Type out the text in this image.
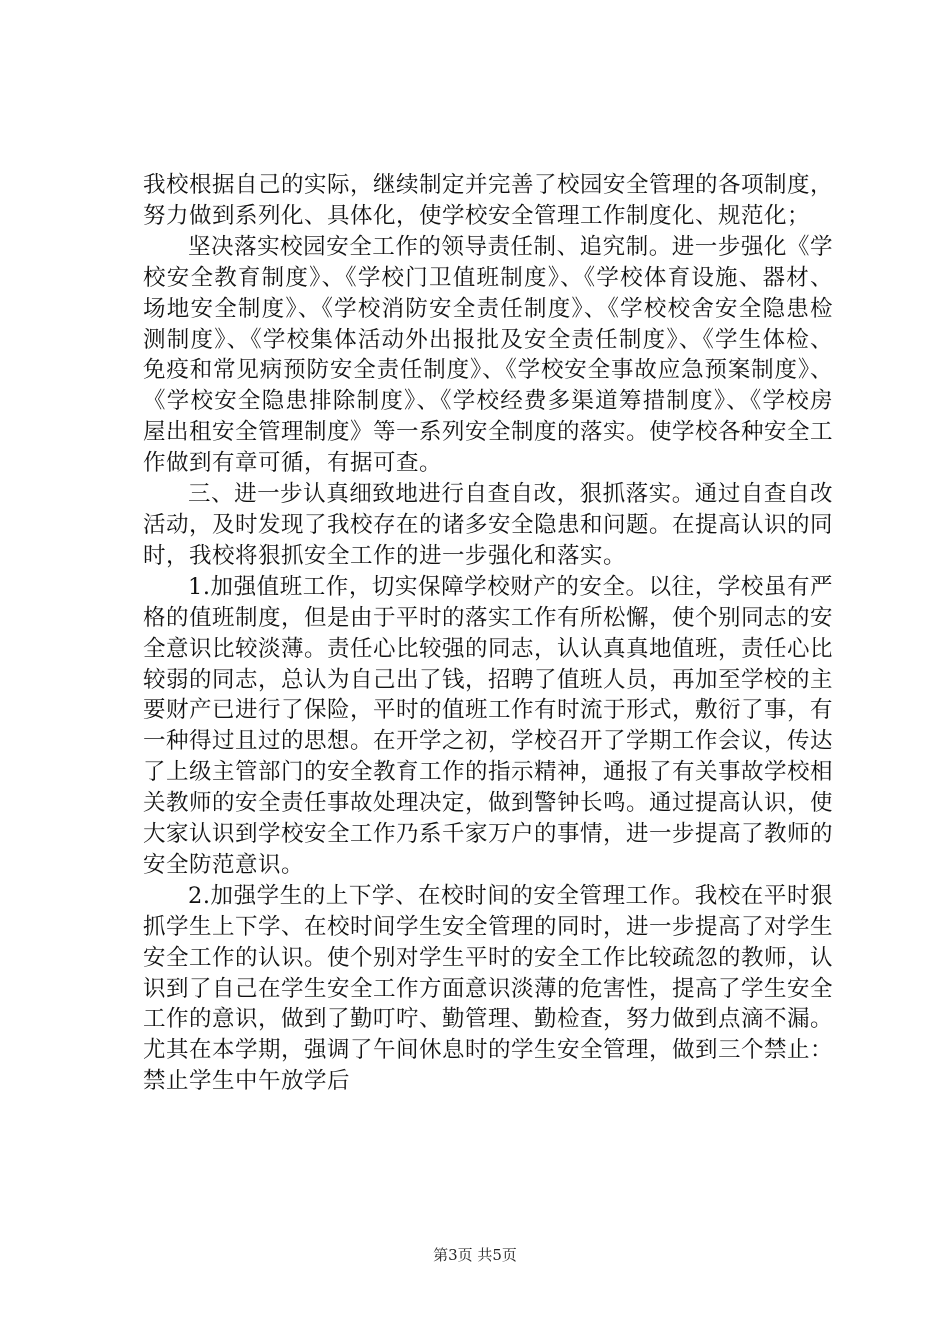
我校根据自己的实际，继续制定并完善了校园安全管理的各项制度，努力做到系列化、具体化，使学校安全管理工作制度化、规范化；

坚决落实校园安全工作的领导责任制、追究制。进一步强化《学校安全教育制度》、《学校门卫值班制度》、《学校体育设施、器材、场地安全制度》、《学校消防安全责任制度》、《学校校舍安全隐患检测制度》、《学校集体活动外出报批及安全责任制度》、《学生体检、免疫和常见病预防安全责任制度》、《学校安全事故应急预案制度》、《学校安全隐患排除制度》、《学校经费多渠道筹措制度》、《学校房屋出租安全管理制度》等一系列安全制度的落实。使学校各种安全工作做到有章可循，有据可查。

三、进一步认真细致地进行自查自改，狠抓落实。通过自查自改活动，及时发现了我校存在的诸多安全隐患和问题。在提高认识的同时，我校将狠抓安全工作的进一步强化和落实。

1.加强值班工作，切实保障学校财产的安全。以往，学校虽有严格的值班制度，但是由于平时的落实工作有所松懈，使个别同志的安全意识比较淡薄。责任心比较强的同志，认认真真地值班，责任心比较弱的同志，总认为自己出了钱，招聘了值班人员，再加至学校的主要财产已进行了保险，平时的值班工作有时流于形式，敷衍了事，有一种得过且过的思想。在开学之初，学校召开了学期工作会议，传达了上级主管部门的安全教育工作的指示精神，通报了有关事故学校相关教师的安全责任事故处理决定，做到警钟长鸣。通过提高认识，使大家认识到学校安全工作乃系千家万户的事情，进一步提高了教师的安全防范意识。

2.加强学生的上下学、在校时间的安全管理工作。我校在平时狠抓学生上下学、在校时间学生安全管理的同时，进一步提高了对学生安全工作的认识。使个别对学生平时的安全工作比较疏忽的教师，认识到了自己在学生安全工作方面意识淡薄的危害性，提高了学生安全工作的意识，做到了勤叮咛、勤管理、勤检查，努力做到点滴不漏。尤其在本学期，强调了午间休息时的学生安全管理，做到三个禁止：禁止学生中午放学后

第3页 共5页
